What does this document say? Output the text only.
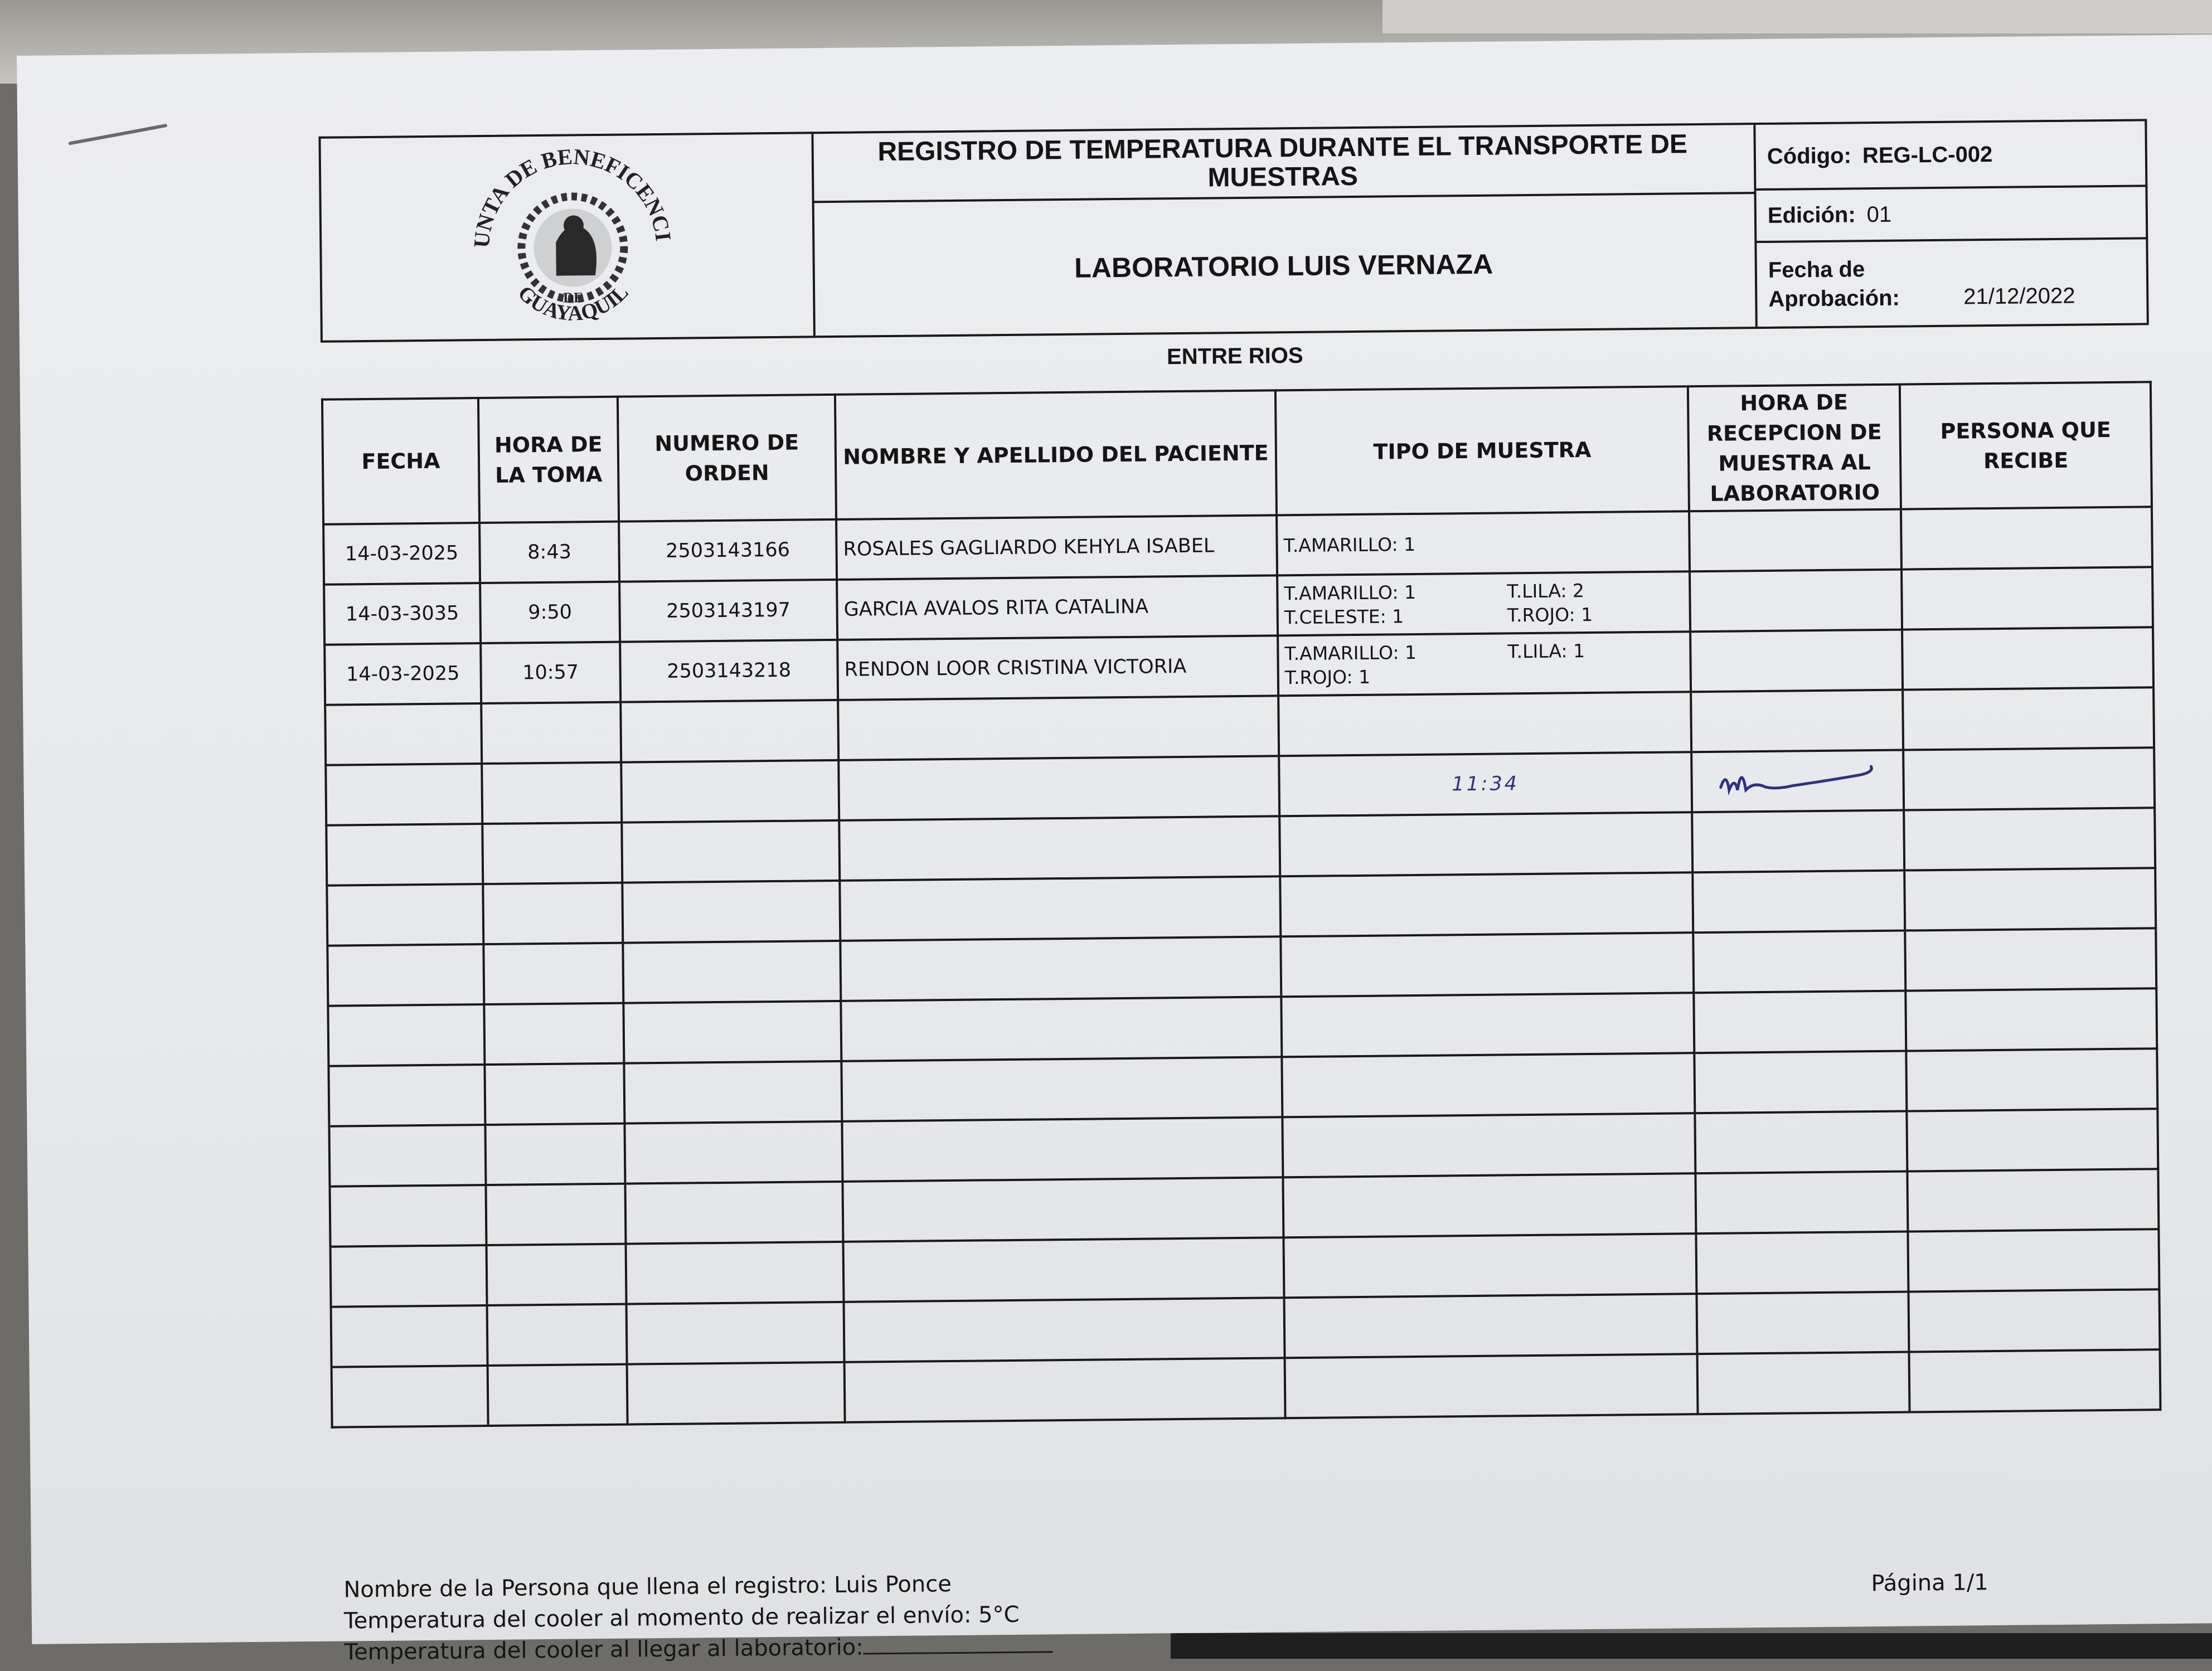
JUNTA DE BENEFICENCIA
GUAYAQUIL
DE
REGISTRO DE TEMPERATURA DURANTE EL TRANSPORTE DE MUESTRAS
LABORATORIO LUIS VERNAZA
Código: REG-LC-002
Edición: 01
Fecha de Aprobación:	21/12/2022
ENTRE RIOS
FECHA	HORA DE LA TOMA	NUMERO DE ORDEN	NOMBRE Y APELLIDO DEL PACIENTE	TIPO DE MUESTRA	HORA DE RECEPCION DE MUESTRA AL LABORATORIO	PERSONA QUE RECIBE
14-03-2025	8:43	2503143166	ROSALES GAGLIARDO KEHYLA ISABEL	T.AMARILLO: 1		

14-03-3035	9:50	2503143197	GARCIA AVALOS RITA CATALINA	T.AMARILLO: 1 T.LILA: 2
T.CELESTE: 1 T.ROJO: 1		

14-03-2025	10:57	2503143218	RENDON LOOR CRISTINA VICTORIA	T.AMARILLO: 1 T.LILA: 1
T.ROJO: 1		

				11:34	

Nombre de la Persona que llena el registro: Luis Ponce
Temperatura del cooler al momento de realizar el envío: 5°C
Temperatura del cooler al llegar al laboratorio:
Página 1/1
